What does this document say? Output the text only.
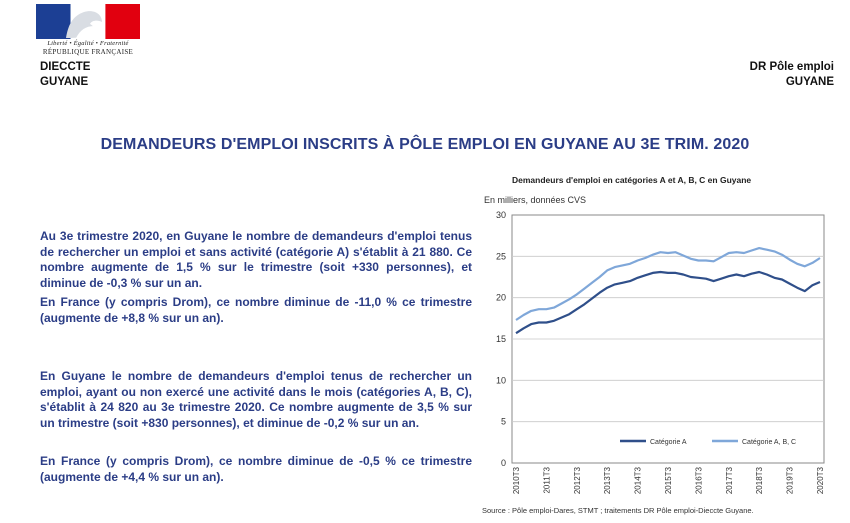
Liberté • Égalité • Fraternité
RÉPUBLIQUE FRANÇAISE
DIECCTE
GUYANE
DR Pôle emploi
GUYANE
DEMANDEURS D'EMPLOI INSCRITS À PÔLE EMPLOI EN GUYANE AU 3E TRIM. 2020

Au 3e trimestre 2020, en Guyane le nombre de demandeurs d'emploi tenus de rechercher un emploi et sans activité (catégorie A) s'établit à 21 880. Ce nombre augmente de 1,5 % sur le trimestre (soit +330 personnes), et diminue de -0,3 % sur un an.

En France (y compris Drom), ce nombre diminue de -11,0 % ce trimestre (augmente de +8,8 % sur un an).

En Guyane le nombre de demandeurs d'emploi tenus de rechercher un emploi, ayant ou non exercé une activité dans le mois (catégories A, B, C), s'établit à 24 820 au 3e trimestre 2020. Ce nombre augmente de 3,5 % sur un trimestre (soit +830 personnes), et diminue de -0,2 % sur un an.

En France (y compris Drom), ce nombre diminue de -0,5 % ce trimestre (augmente de +4,4 % sur un an).

Demandeurs d'emploi en catégories A et A, B, C en Guyane
En milliers, données CVS
0
5
10
15
20
25
30
2010T3	2011T3	2012T3	2013T3	2014T3	2015T3	2016T3	2017T3	2018T3	2019T3	2020T3
Catégorie A	Catégorie A, B, C
Source : Pôle emploi-Dares, STMT ; traitements DR Pôle emploi-Dieccte Guyane.
